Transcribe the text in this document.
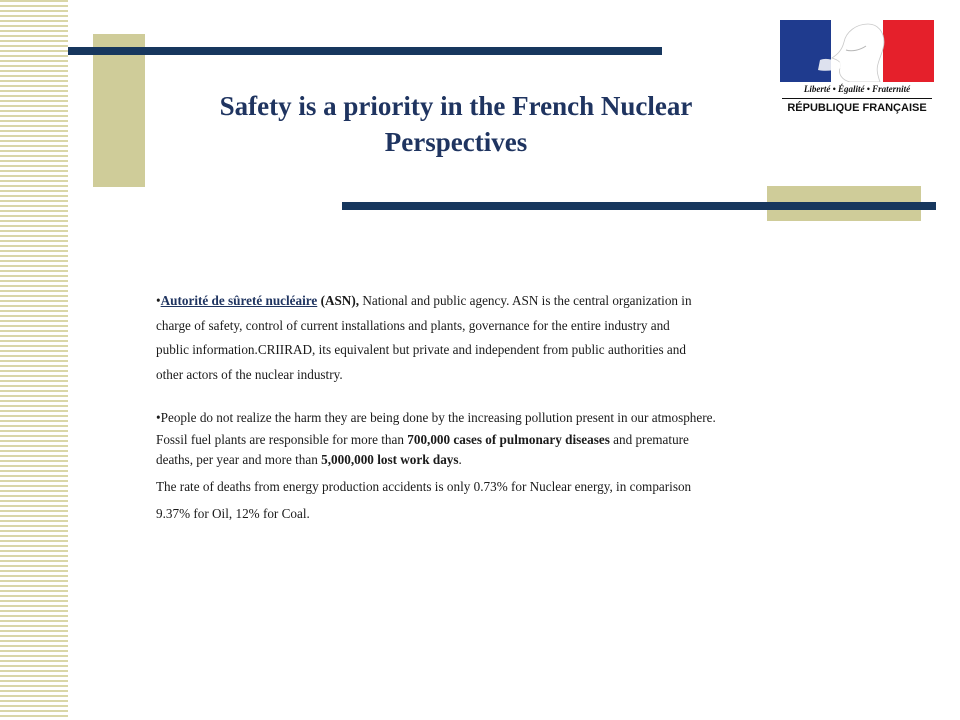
Safety is a priority in the French Nuclear
Perspectives
Liberté • Égalité • Fraternité
RÉPUBLIQUE FRANÇAISE

•Autorité de sûreté nucléaire (ASN), National and public agency. ASN is the central organization in
charge of safety, control of current installations and plants, governance for the entire industry and
public information.CRIIRAD, its equivalent but private and independent from public authorities and
other actors of the nuclear industry.

•People do not realize the harm they are being done by the increasing pollution present in our atmosphere.

Fossil fuel plants are responsible for more than 700,000 cases of pulmonary diseases and premature
deaths, per year and more than 5,000,000 lost work days.

The rate of deaths from energy production accidents is only 0.73% for Nuclear energy, in comparison
9.37% for Oil, 12% for Coal.
